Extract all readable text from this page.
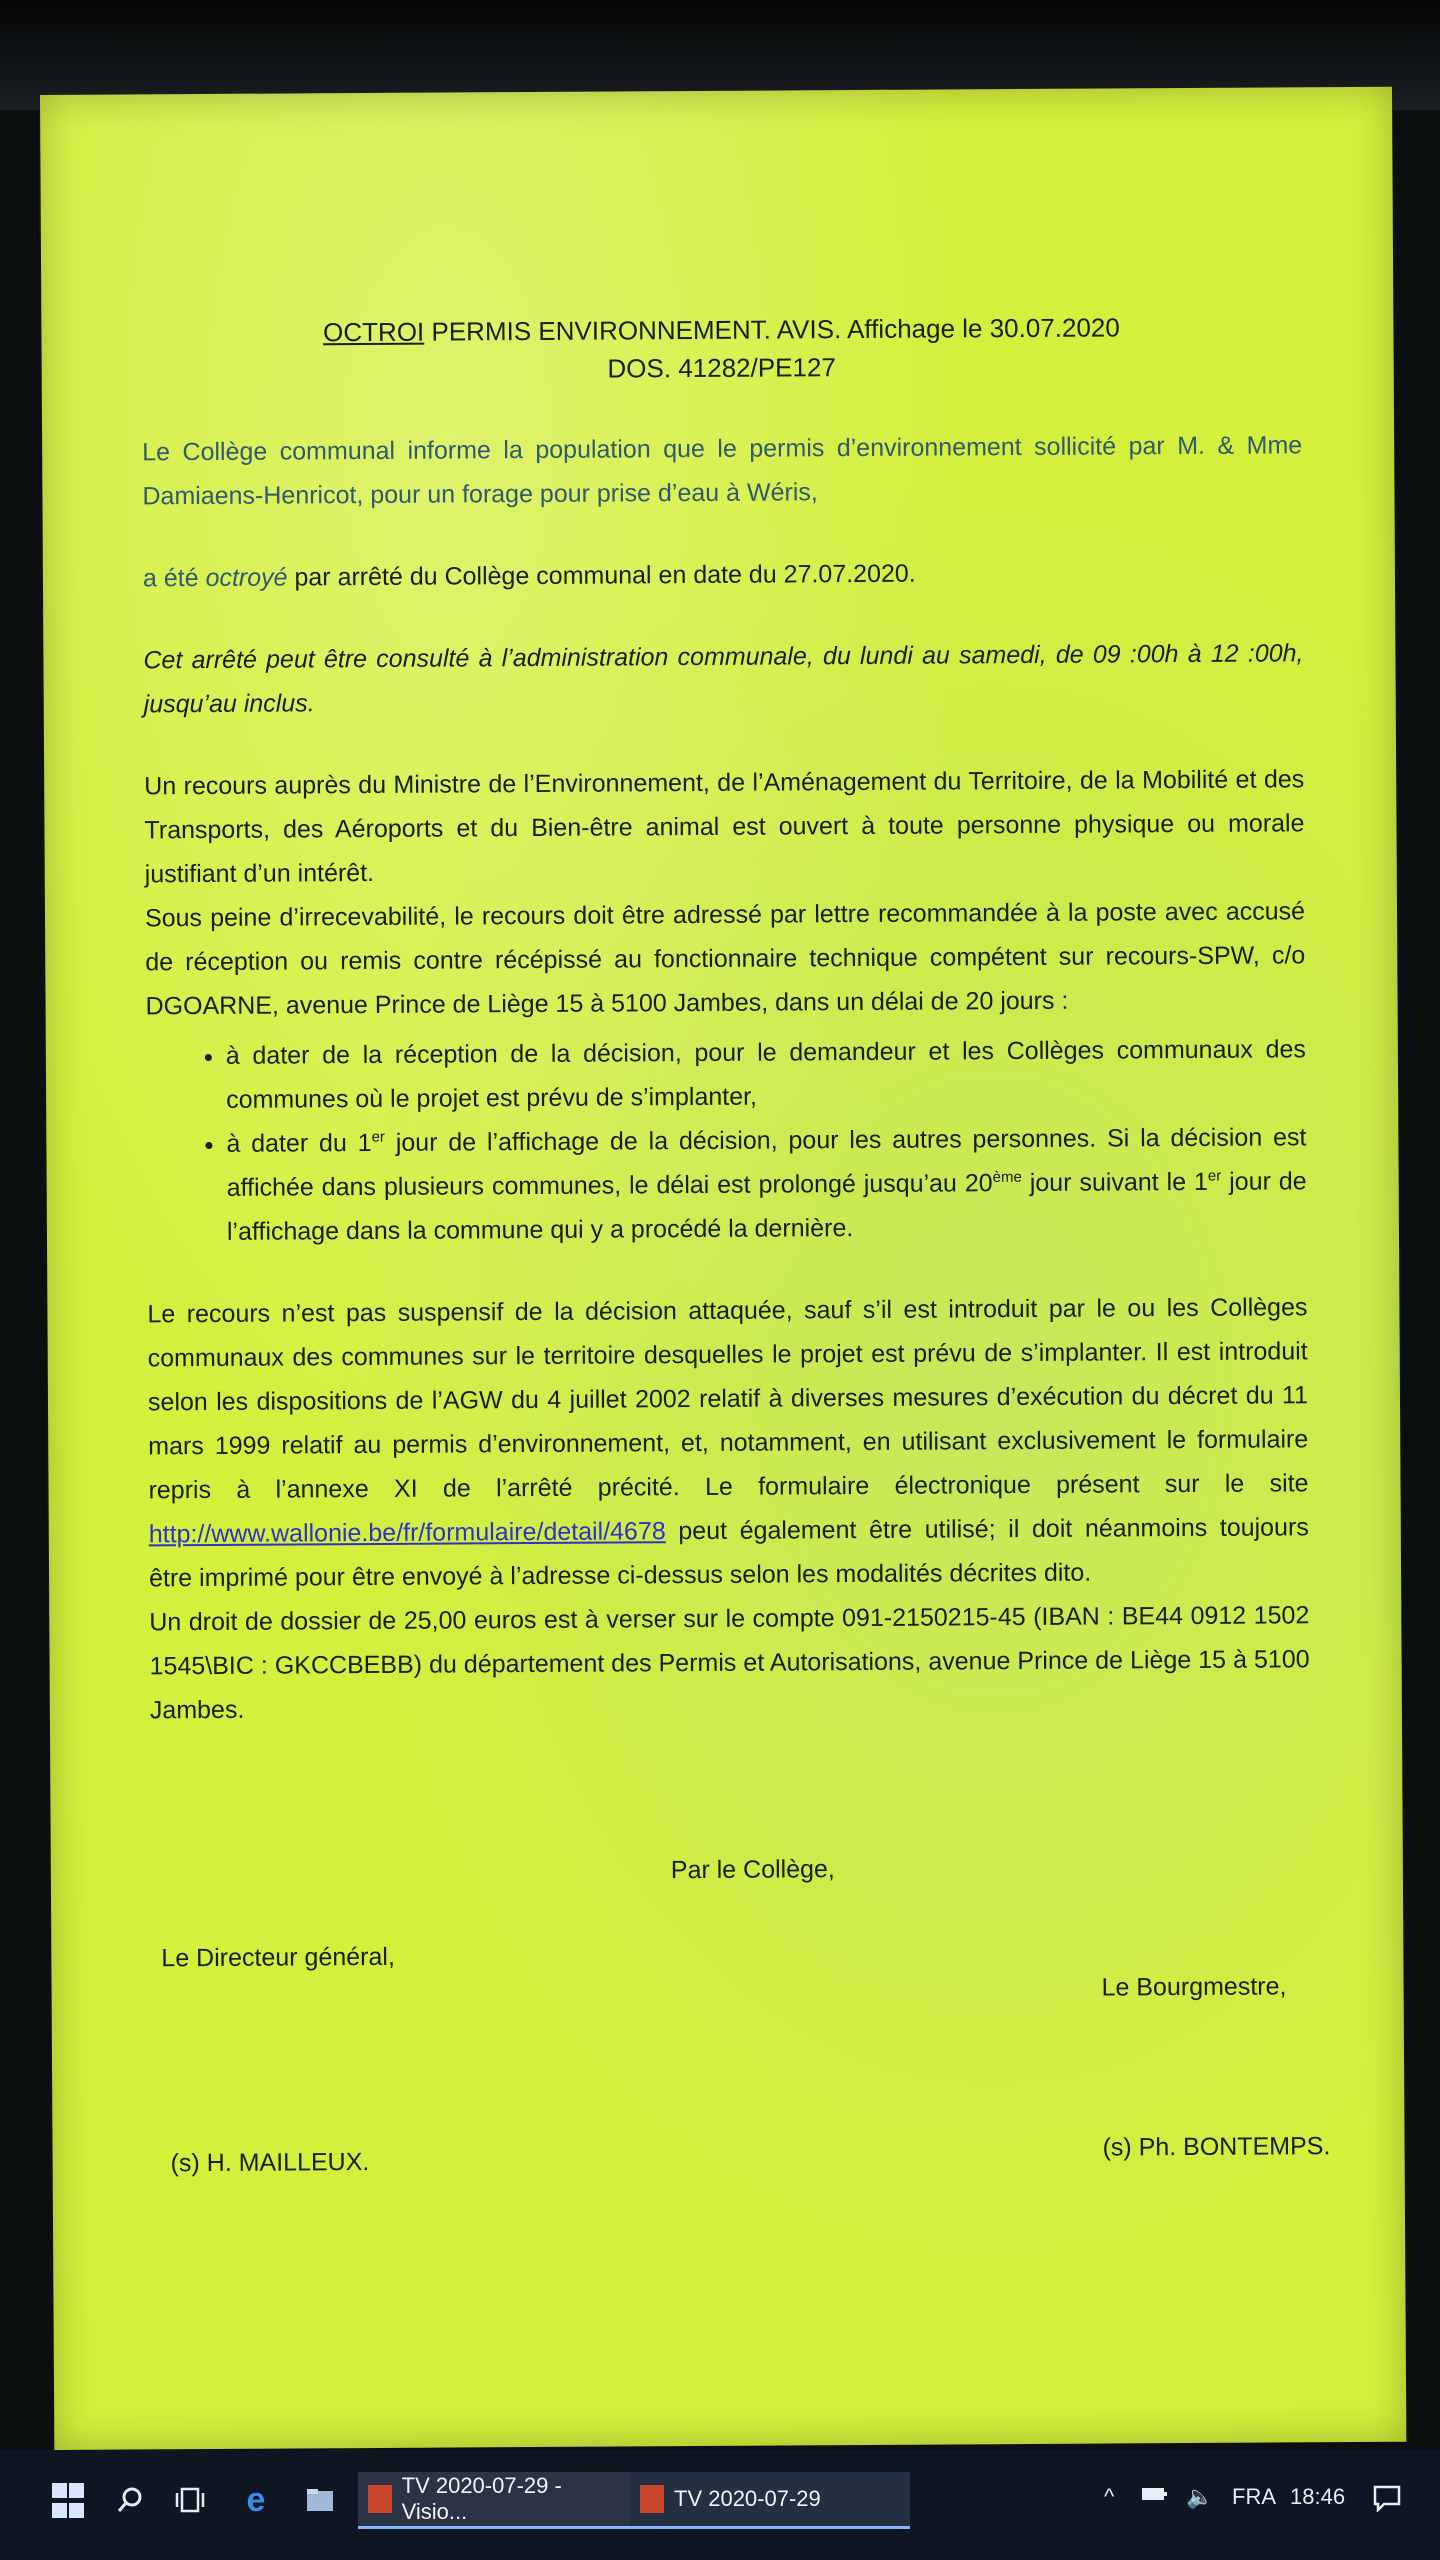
OCTROI PERMIS ENVIRONNEMENT. AVIS. Affichage le 30.07.2020
DOS. 41282/PE127

Le Collège communal informe la population que le permis d’environnement sollicité par M. & Mme Damiaens-Henricot, pour un forage pour prise d’eau à Wéris,

a été octroyé par arrêté du Collège communal en date du 27.07.2020.

Cet arrêté peut être consulté à l’administration communale, du lundi au samedi, de 09 :00h à 12 :00h, jusqu’au inclus.

Un recours auprès du Ministre de l’Environnement, de l’Aménagement du Territoire, de la Mobilité et des Transports, des Aéroports et du Bien-être animal est ouvert à toute personne physique ou morale justifiant d’un intérêt.

Sous peine d’irrecevabilité, le recours doit être adressé par lettre recommandée à la poste avec accusé de réception ou remis contre récépissé au fonctionnaire technique compétent sur recours-SPW, c/o DGOARNE, avenue Prince de Liège 15 à 5100 Jambes, dans un délai de 20 jours :

• à dater de la réception de la décision, pour le demandeur et les Collèges communaux des communes où le projet est prévu de s’implanter,
• à dater du 1er jour de l’affichage de la décision, pour les autres personnes. Si la décision est affichée dans plusieurs communes, le délai est prolongé jusqu’au 20ème jour suivant le 1er jour de l’affichage dans la commune qui y a procédé la dernière.

Le recours n’est pas suspensif de la décision attaquée, sauf s’il est introduit par le ou les Collèges communaux des communes sur le territoire desquelles le projet est prévu de s’implanter. Il est introduit selon les dispositions de l’AGW du 4 juillet 2002 relatif à diverses mesures d’exécution du décret du 11 mars 1999 relatif au permis d’environnement, et, notamment, en utilisant exclusivement le formulaire repris à l’annexe XI de l’arrêté précité. Le formulaire électronique présent sur le site http://www.wallonie.be/fr/formulaire/detail/4678 peut également être utilisé; il doit néanmoins toujours être imprimé pour être envoyé à l’adresse ci-dessus selon les modalités décrites dito.

Un droit de dossier de 25,00 euros est à verser sur le compte 091-2150215-45 (IBAN : BE44 0912 1502 1545\BIC : GKCCBEBB) du département des Permis et Autorisations, avenue Prince de Liège 15 à 5100 Jambes.

Par le Collège,
Le Directeur général,
Le Bourgmestre,
(s) H. MAILLEUX.
(s) Ph. BONTEMPS.
e	TV 2020-07-29 - Visio...
TV 2020-07-29	^	🔈 FRA 18:46
